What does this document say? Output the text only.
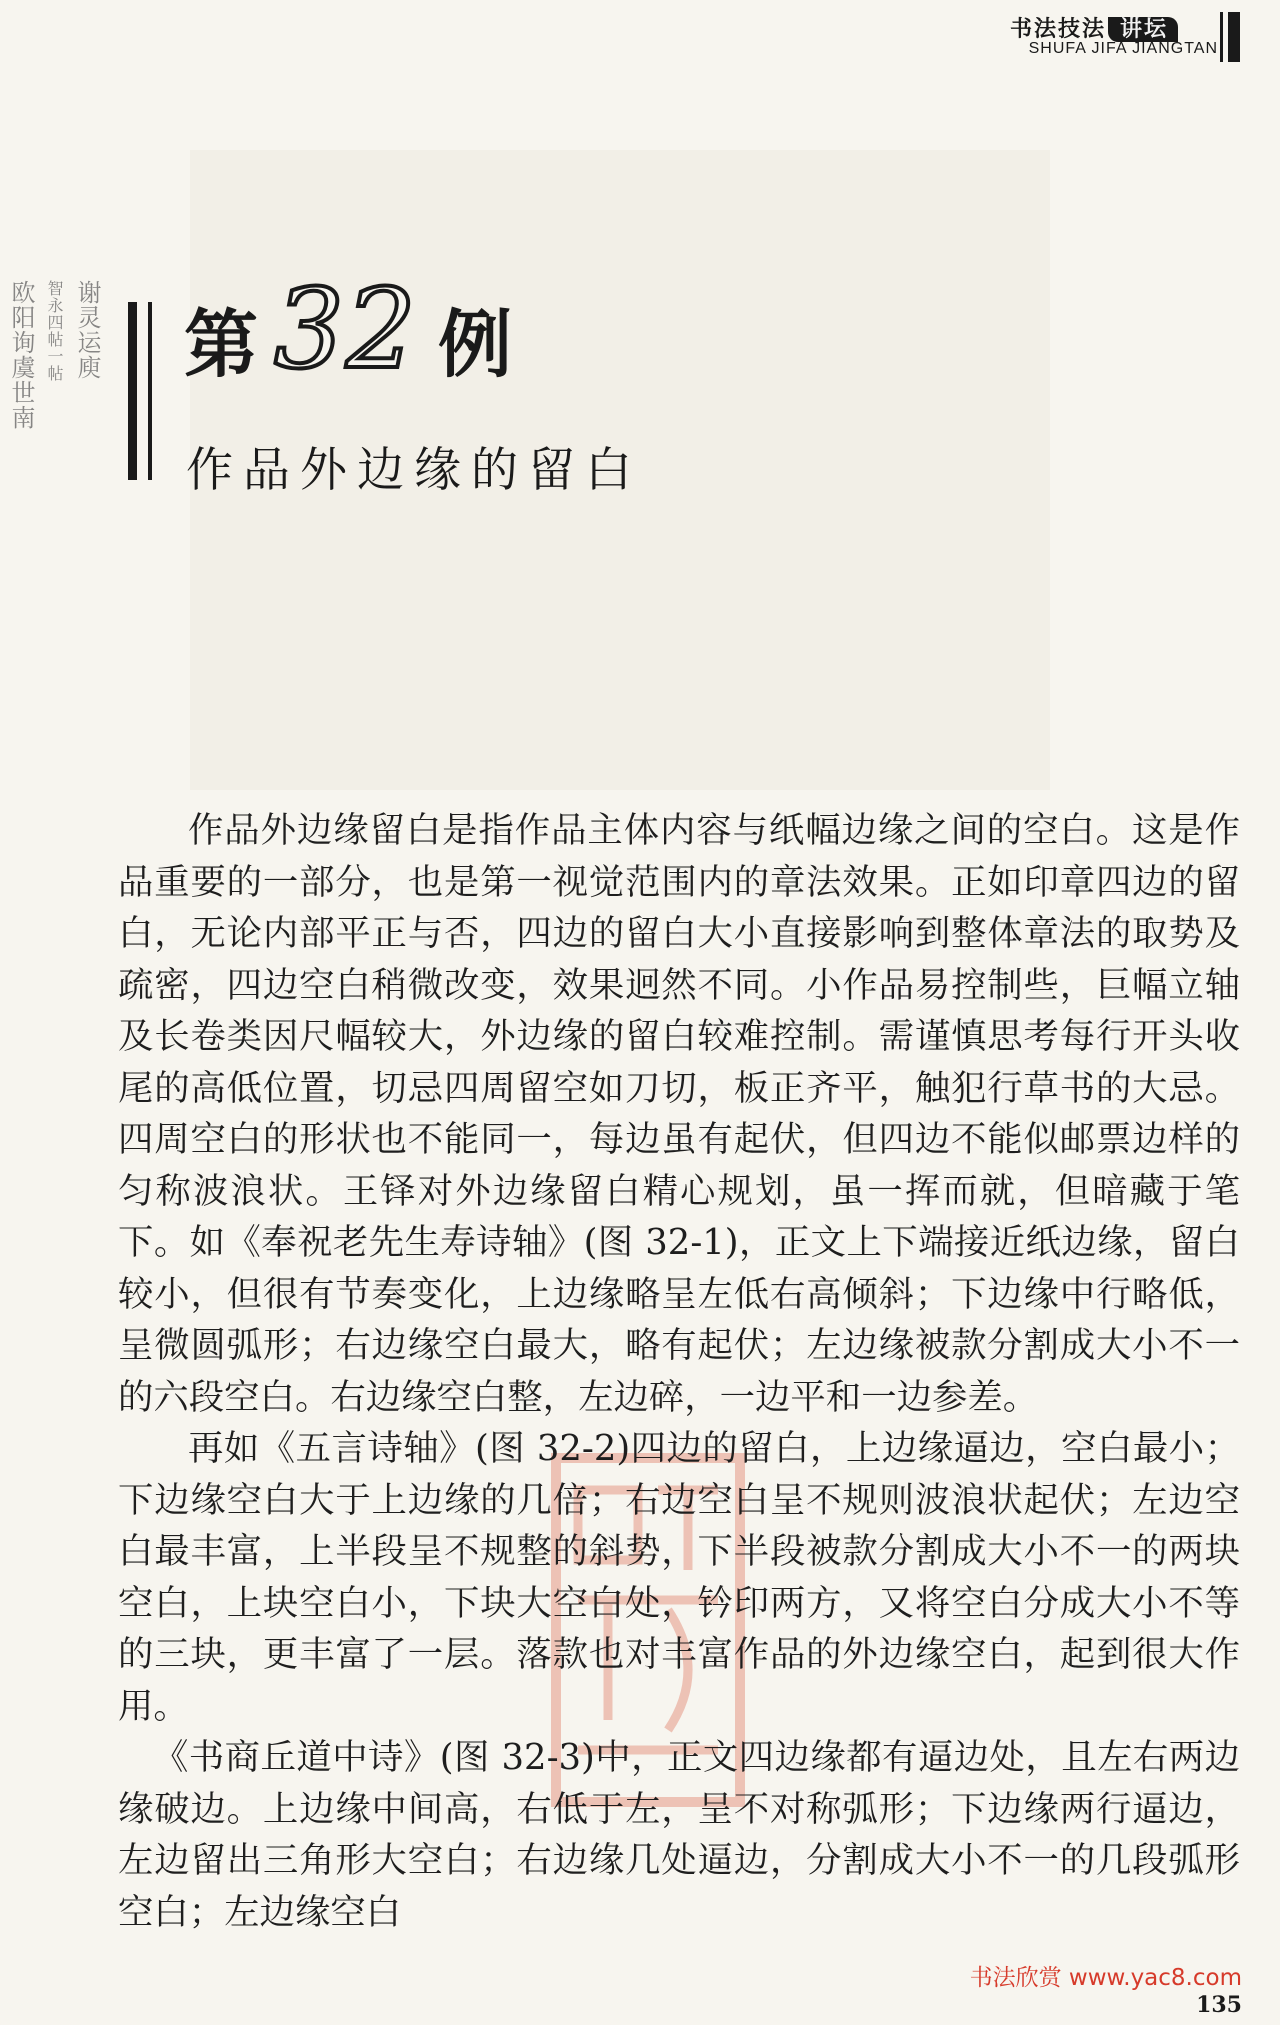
书法技法 讲坛
SHUFA JIFA JIANGTAN
谢灵运庾
智永四帖一帖
欧阳询虞世南 第 32 例
作品外边缘的留白

作品外边缘留白是指作品主体内容与纸幅边缘之间的空白。这是作品重要的一部分，也是第一视觉范围内的章法效果。正如印章四边的留白，无论内部平正与否，四边的留白大小直接影响到整体章法的取势及疏密，四边空白稍微改变，效果迥然不同。小作品易控制些，巨幅立轴及长卷类因尺幅较大，外边缘的留白较难控制。需谨慎思考每行开头收尾的高低位置，切忌四周留空如刀切，板正齐平，触犯行草书的大忌。四周空白的形状也不能同一，每边虽有起伏，但四边不能似邮票边样的匀称波浪状。王铎对外边缘留白精心规划，虽一挥而就，但暗藏于笔下。如《奉祝老先生寿诗轴》(图 32-1)，正文上下端接近纸边缘，留白较小，但很有节奏变化，上边缘略呈左低右高倾斜；下边缘中行略低，呈微圆弧形；右边缘空白最大，略有起伏；左边缘被款分割成大小不一的六段空白。右边缘空白整，左边碎，一边平和一边参差。

再如《五言诗轴》(图 32-2)四边的留白，上边缘逼边，空白最小；下边缘空白大于上边缘的几倍；右边空白呈不规则波浪状起伏；左边空白最丰富，上半段呈不规整的斜势，下半段被款分割成大小不一的两块空白，上块空白小，下块大空白处，钤印两方，又将空白分成大小不等的三块，更丰富了一层。落款也对丰富作品的外边缘空白，起到很大作用。

《书商丘道中诗》(图 32-3)中，正文四边缘都有逼边处，且左右两边缘破边。上边缘中间高，右低于左，呈不对称弧形；下边缘两行逼边，左边留出三角形大空白；右边缘几处逼边，分割成大小不一的几段弧形空白；左边缘空白

书法欣赏 www.yac8.com
135
